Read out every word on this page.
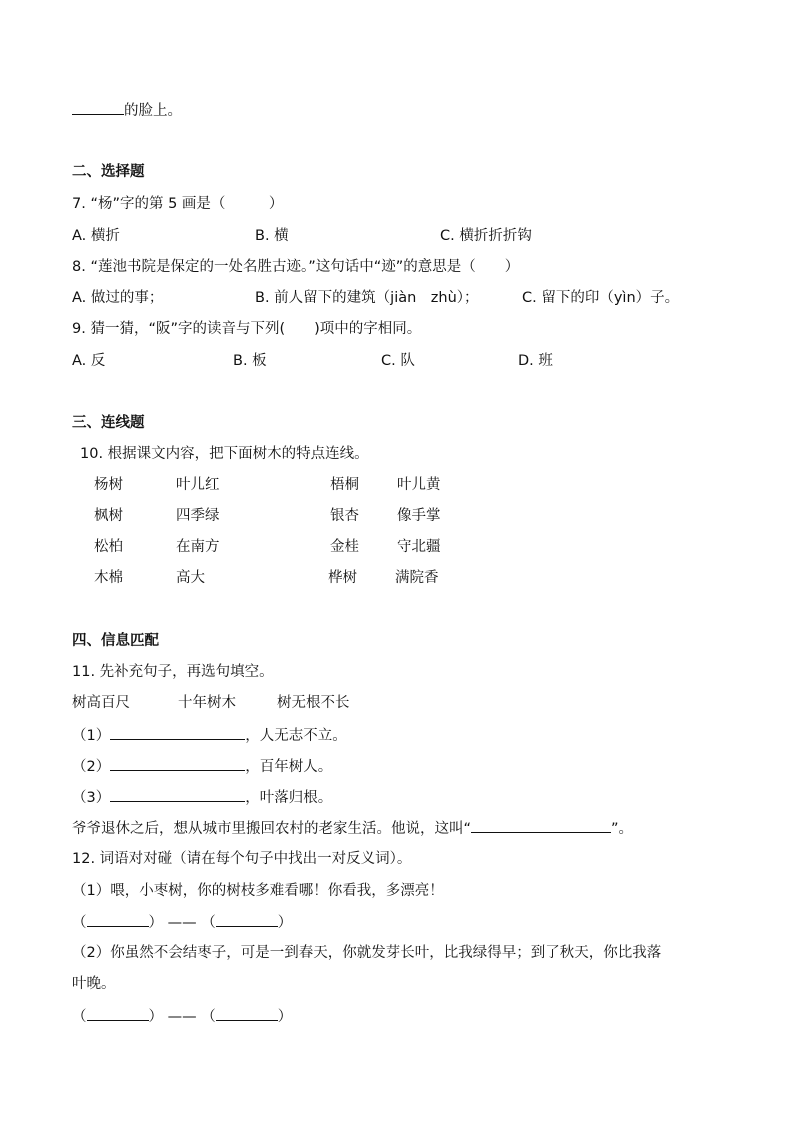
的脸上。
二、选择题
7. “杨”字的第 5 画是（　　　）
A. 横折	B. 横	C. 横折折折钩
8. “莲池书院是保定的一处名胜古迹。”这句话中“迹”的意思是（　　）
A. 做过的事；	B. 前人留下的建筑（jiàn　zhù）；	C. 留下的印（yìn）子。
9. 猜一猜，“阪”字的读音与下列(　　)项中的字相同。
A. 反	B. 板	C. 队	D. 班
三、连线题
10. 根据课文内容，把下面树木的特点连线。
杨树	叶儿红	梧桐	叶儿黄
枫树	四季绿	银杏	像手掌
松柏	在南方	金桂	守北疆
木棉	高大	桦树	满院香
四、信息匹配
11. 先补充句子，再选句填空。
树高百尺	十年树木	树无根不长
（1）	，人无志不立。
（2）	，百年树人。
（3）	，叶落归根。
爷爷退休之后，想从城市里搬回农村的老家生活。他说，这叫“	”。
12. 词语对对碰（请在每个句子中找出一对反义词）。
（1）喂，小枣树，你的树枝多难看哪！你看我，多漂亮！
（	） —— （	）
（2）你虽然不会结枣子，可是一到春天，你就发芽长叶，比我绿得早；到了秋天，你比我落
叶晚。
（	） —— （	）
